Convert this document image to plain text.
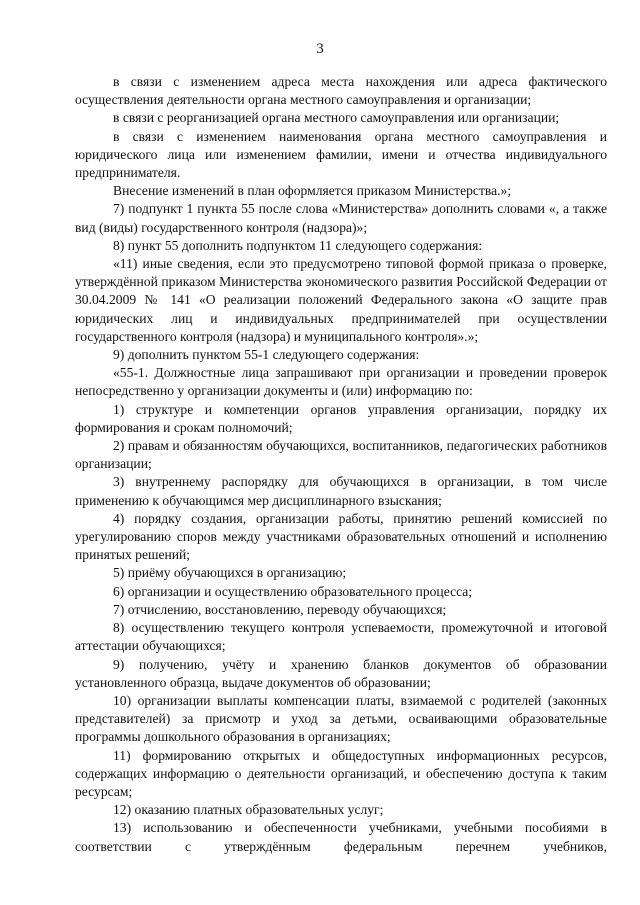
3

в связи с изменением адреса места нахождения или адреса фактического осуществления деятельности органа местного самоуправления и организации;

в связи с реорганизацией органа местного самоуправления или организации;

в связи с изменением наименования органа местного самоуправления и юридического лица или изменением фамилии, имени и отчества индивидуального предпринимателя.

Внесение изменений в план оформляется приказом Министерства.»;

7) подпункт 1 пункта 55 после слова «Министерства» дополнить словами «, а также вид (виды) государственного контроля (надзора)»;

8) пункт 55 дополнить подпунктом 11 следующего содержания:

«11) иные сведения, если это предусмотрено типовой формой приказа о проверке, утверждённой приказом Министерства экономического развития Российской Федерации от 30.04.2009 № 141 «О реализации положений Федерального закона «О защите прав юридических лиц и индивидуальных предпринимателей при осуществлении государственного контроля (надзора) и муниципального контроля».»;

9) дополнить пунктом 55-1 следующего содержания:

«55-1. Должностные лица запрашивают при организации и проведении проверок непосредственно у организации документы и (или) информацию по:

1) структуре и компетенции органов управления организации, порядку их формирования и срокам полномочий;

2) правам и обязанностям обучающихся, воспитанников, педагогических работников организации;

3) внутреннему распорядку для обучающихся в организации, в том числе применению к обучающимся мер дисциплинарного взыскания;

4) порядку создания, организации работы, принятию решений комиссией по урегулированию споров между участниками образовательных отношений и исполнению принятых решений;

5) приёму обучающихся в организацию;

6) организации и осуществлению образовательного процесса;

7) отчислению, восстановлению, переводу обучающихся;

8) осуществлению текущего контроля успеваемости, промежуточной и итоговой аттестации обучающихся;

9) получению, учёту и хранению бланков документов об образовании установленного образца, выдаче документов об образовании;

10) организации выплаты компенсации платы, взимаемой с родителей (законных представителей) за присмотр и уход за детьми, осваивающими образовательные программы дошкольного образования в организациях;

11) формированию открытых и общедоступных информационных ресурсов, содержащих информацию о деятельности организаций, и обеспечению доступа к таким ресурсам;

12) оказанию платных образовательных услуг;

13) использованию и обеспеченности учебниками, учебными пособиями в соответствии с утверждённым федеральным перечнем учебников,
